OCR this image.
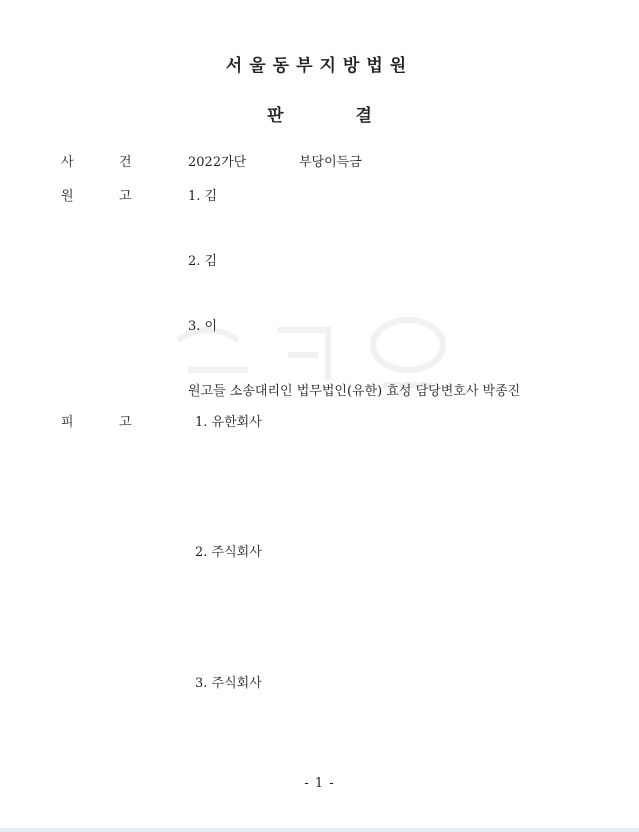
서울동부지방법원
판 결
사	건	2022가단	부당이득금
원	고	1. 김
2. 김
3. 이
원고들 소송대리인 법무법인(유한) 효성 담당변호사 박종진
피	고	1. 유한회사
2. 주식회사
3. 주식회사
- 1 -
